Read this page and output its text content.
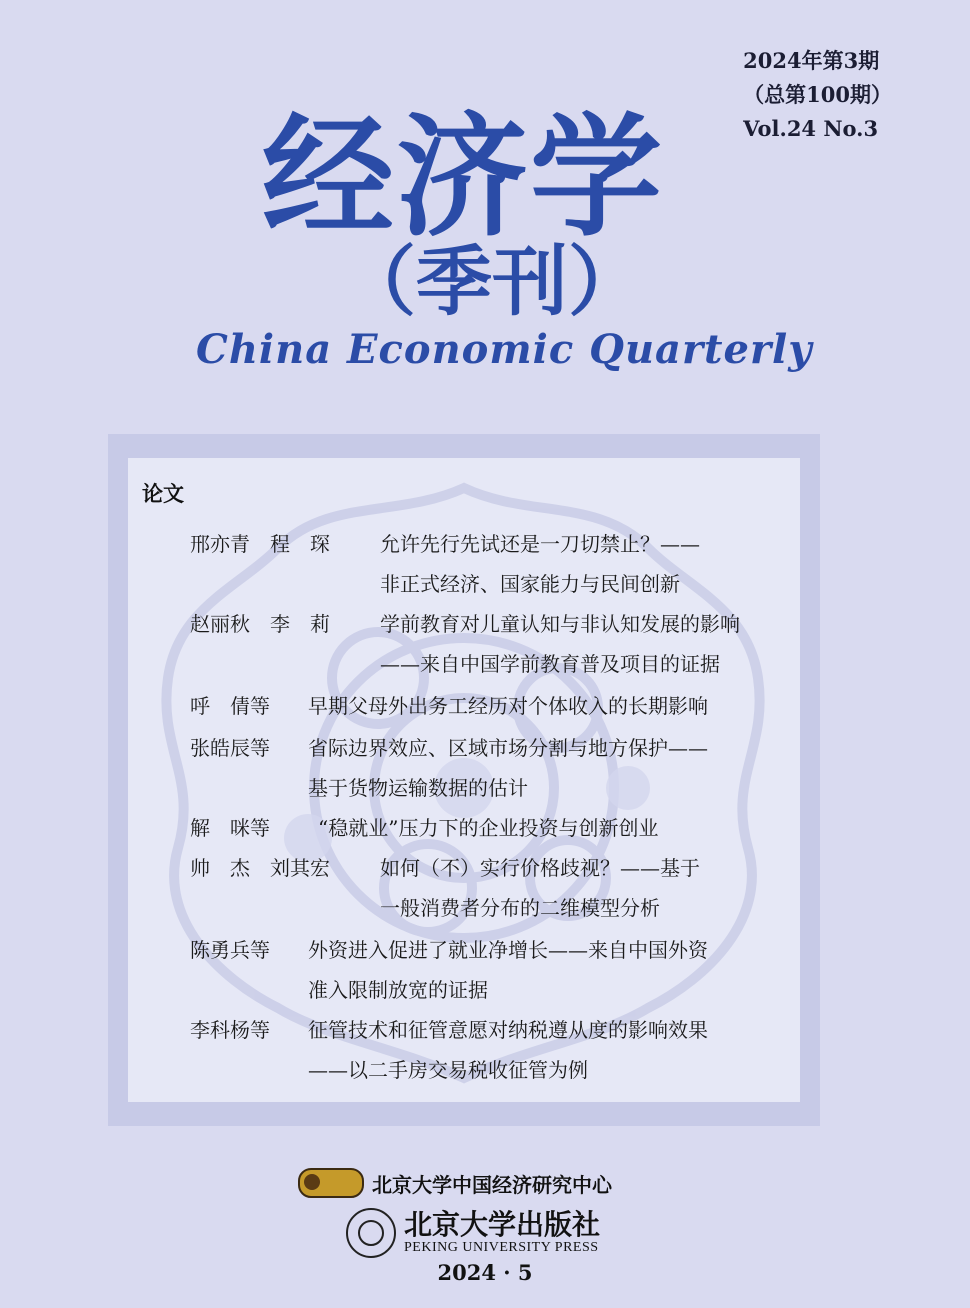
2024年第3期
（总第100期）
Vol.24 No.3
经济学
（季刊）
China Economic Quarterly
论文
邢亦青　程　琛	允许先行先试还是一刀切禁止？——
非正式经济、国家能力与民间创新
赵丽秋　李　莉	学前教育对儿童认知与非认知发展的影响
——来自中国学前教育普及项目的证据
呼　倩等 早期父母外出务工经历对个体收入的长期影响
张皓辰等 省际边界效应、区域市场分割与地方保护——
基于货物运输数据的估计
解　咪等 “稳就业”压力下的企业投资与创新创业
帅　杰　刘其宏	如何（不）实行价格歧视？——基于
一般消费者分布的二维模型分析
陈勇兵等 外资进入促进了就业净增长——来自中国外资
准入限制放宽的证据
李科杨等 征管技术和征管意愿对纳税遵从度的影响效果
——以二手房交易税收征管为例
北京大学中国经济研究中心
北京大学出版社
PEKING UNIVERSITY PRESS
2024 · 5
